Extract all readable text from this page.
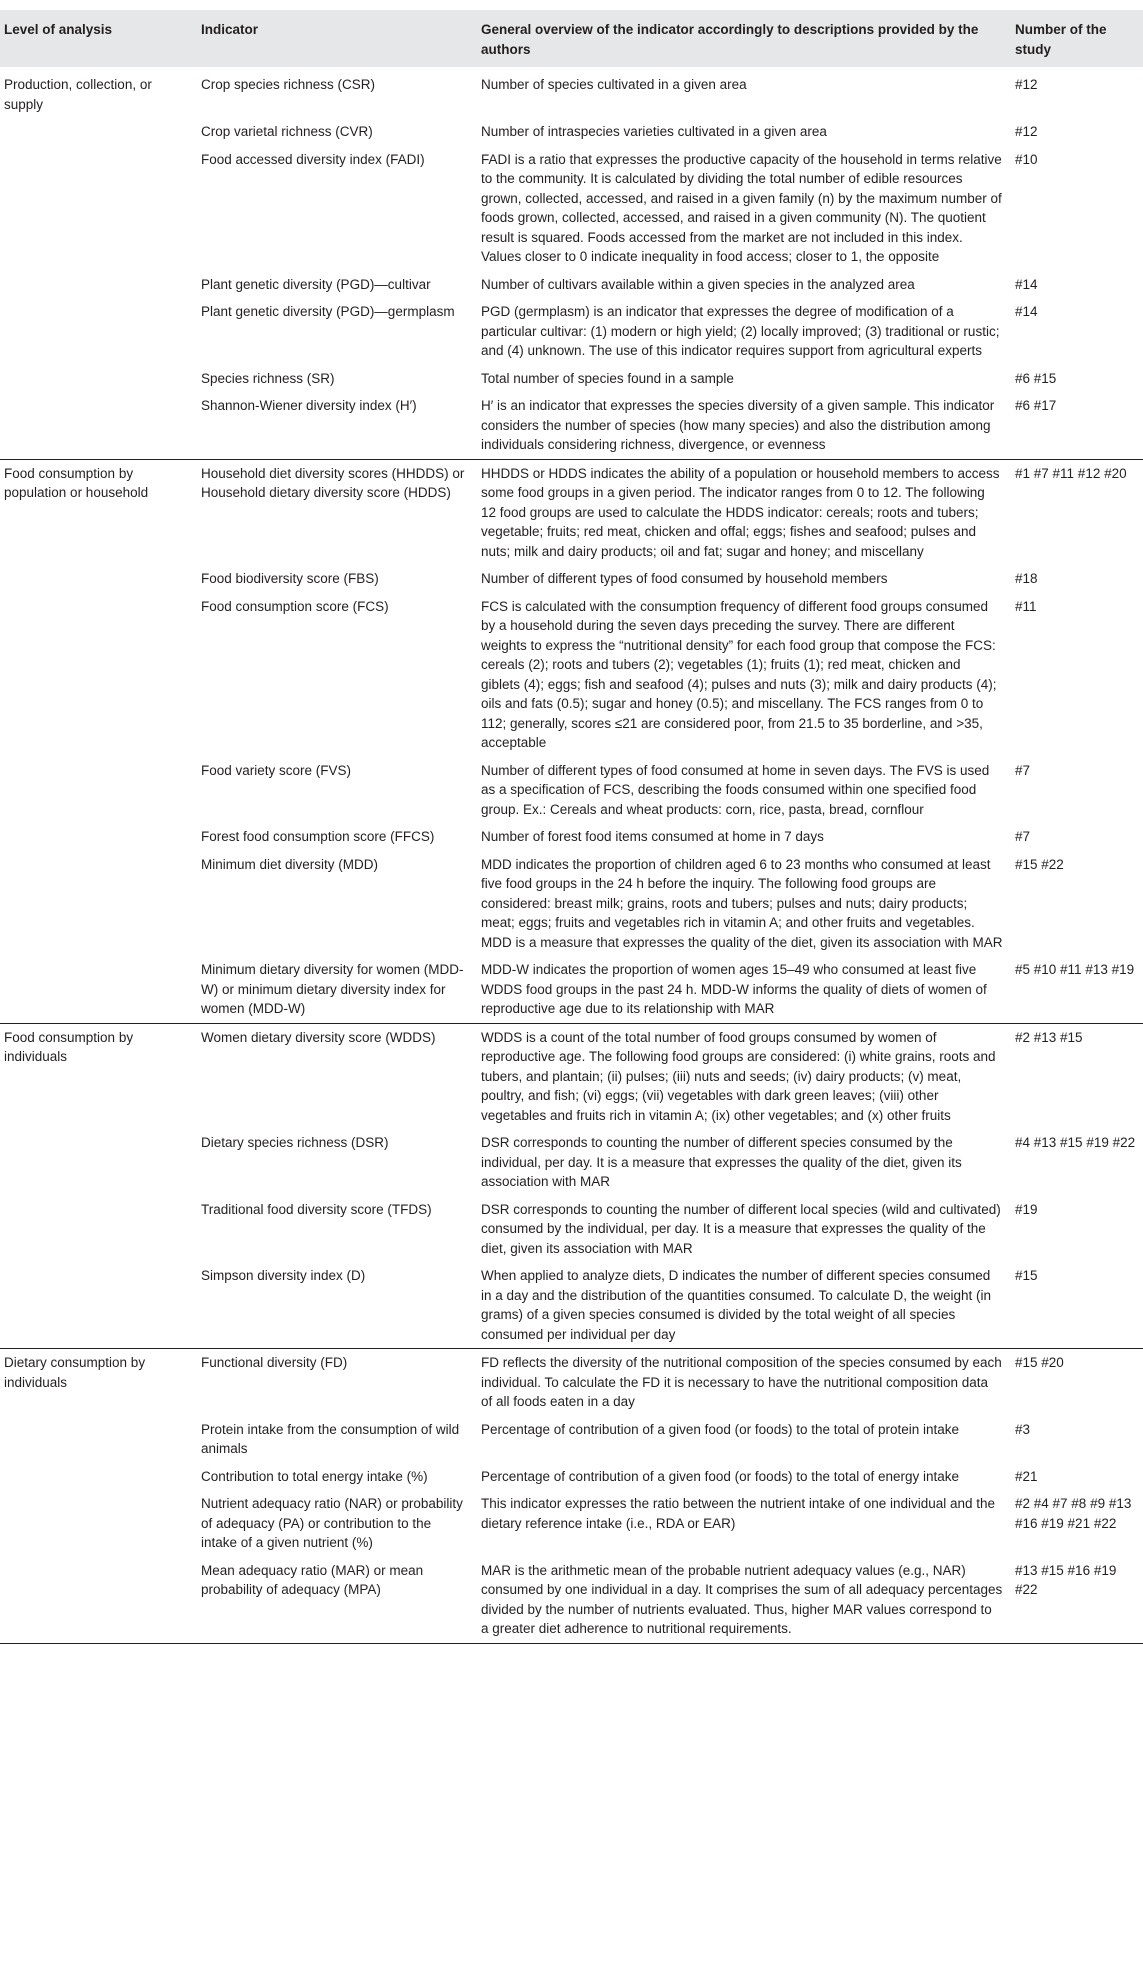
Level of analysis	Indicator	General overview of the indicator accordingly to descriptions provided by the authors	Number of the study
Production, collection, or supply	Crop species richness (CSR)	Number of species cultivated in a given area	#12
	Crop varietal richness (CVR)	Number of intraspecies varieties cultivated in a given area	#12
	Food accessed diversity index (FADI)	FADI is a ratio that expresses the productive capacity of the household in terms relative to the community. It is calculated by dividing the total number of edible resources grown, collected, accessed, and raised in a given family (n) by the maximum number of foods grown, collected, accessed, and raised in a given community (N). The quotient result is squared. Foods accessed from the market are not included in this index. Values closer to 0 indicate inequality in food access; closer to 1, the opposite	#10
	Plant genetic diversity (PGD)—cultivar	Number of cultivars available within a given species in the analyzed area	#14
	Plant genetic diversity (PGD)—germplasm	PGD (germplasm) is an indicator that expresses the degree of modification of a particular cultivar: (1) modern or high yield; (2) locally improved; (3) traditional or rustic; and (4) unknown. The use of this indicator requires support from agricultural experts	#14
	Species richness (SR)	Total number of species found in a sample	#6 #15
	Shannon-Wiener diversity index (H′)	H′ is an indicator that expresses the species diversity of a given sample. This indicator considers the number of species (how many species) and also the distribution among individuals considering richness, divergence, or evenness	#6 #17
Food consumption by population or household	Household diet diversity scores (HHDDS) or Household dietary diversity score (HDDS)	HHDDS or HDDS indicates the ability of a population or household members to access some food groups in a given period. The indicator ranges from 0 to 12. The following 12 food groups are used to calculate the HDDS indicator: cereals; roots and tubers; vegetable; fruits; red meat, chicken and offal; eggs; fishes and seafood; pulses and nuts; milk and dairy products; oil and fat; sugar and honey; and miscellany	#1 #7 #11 #12 #20
	Food biodiversity score (FBS)	Number of different types of food consumed by household members	#18
	Food consumption score (FCS)	FCS is calculated with the consumption frequency of different food groups consumed by a household during the seven days preceding the survey. There are different weights to express the “nutritional density” for each food group that compose the FCS: cereals (2); roots and tubers (2); vegetables (1); fruits (1); red meat, chicken and giblets (4); eggs; fish and seafood (4); pulses and nuts (3); milk and dairy products (4); oils and fats (0.5); sugar and honey (0.5); and miscellany. The FCS ranges from 0 to 112; generally, scores ≤21 are considered poor, from 21.5 to 35 borderline, and >35, acceptable	#11
	Food variety score (FVS)	Number of different types of food consumed at home in seven days. The FVS is used as a specification of FCS, describing the foods consumed within one specified food group. Ex.: Cereals and wheat products: corn, rice, pasta, bread, cornflour	#7
	Forest food consumption score (FFCS)	Number of forest food items consumed at home in 7 days	#7
	Minimum diet diversity (MDD)	MDD indicates the proportion of children aged 6 to 23 months who consumed at least five food groups in the 24 h before the inquiry. The following food groups are considered: breast milk; grains, roots and tubers; pulses and nuts; dairy products; meat; eggs; fruits and vegetables rich in vitamin A; and other fruits and vegetables. MDD is a measure that expresses the quality of the diet, given its association with MAR	#15 #22
	Minimum dietary diversity for women (MDD-W) or minimum dietary diversity index for women (MDD-W)	MDD-W indicates the proportion of women ages 15–49 who consumed at least five WDDS food groups in the past 24 h. MDD-W informs the quality of diets of women of reproductive age due to its relationship with MAR	#5 #10 #11 #13 #19
Food consumption by individuals	Women dietary diversity score (WDDS)	WDDS is a count of the total number of food groups consumed by women of reproductive age. The following food groups are considered: (i) white grains, roots and tubers, and plantain; (ii) pulses; (iii) nuts and seeds; (iv) dairy products; (v) meat, poultry, and fish; (vi) eggs; (vii) vegetables with dark green leaves; (viii) other vegetables and fruits rich in vitamin A; (ix) other vegetables; and (x) other fruits	#2 #13 #15
	Dietary species richness (DSR)	DSR corresponds to counting the number of different species consumed by the individual, per day. It is a measure that expresses the quality of the diet, given its association with MAR	#4 #13 #15 #19 #22
	Traditional food diversity score (TFDS)	DSR corresponds to counting the number of different local species (wild and cultivated) consumed by the individual, per day. It is a measure that expresses the quality of the diet, given its association with MAR	#19
	Simpson diversity index (D)	When applied to analyze diets, D indicates the number of different species consumed in a day and the distribution of the quantities consumed. To calculate D, the weight (in grams) of a given species consumed is divided by the total weight of all species consumed per individual per day	#15
Dietary consumption by individuals	Functional diversity (FD)	FD reflects the diversity of the nutritional composition of the species consumed by each individual. To calculate the FD it is necessary to have the nutritional composition data of all foods eaten in a day	#15 #20
	Protein intake from the consumption of wild animals	Percentage of contribution of a given food (or foods) to the total of protein intake	#3
	Contribution to total energy intake (%)	Percentage of contribution of a given food (or foods) to the total of energy intake	#21
	Nutrient adequacy ratio (NAR) or probability of adequacy (PA) or contribution to the intake of a given nutrient (%)	This indicator expresses the ratio between the nutrient intake of one individual and the dietary reference intake (i.e., RDA or EAR)	#2 #4 #7 #8 #9 #13 #16 #19 #21 #22
	Mean adequacy ratio (MAR) or mean probability of adequacy (MPA)	MAR is the arithmetic mean of the probable nutrient adequacy values (e.g., NAR) consumed by one individual in a day. It comprises the sum of all adequacy percentages divided by the number of nutrients evaluated. Thus, higher MAR values correspond to a greater diet adherence to nutritional requirements.	#13 #15 #16 #19 #22
